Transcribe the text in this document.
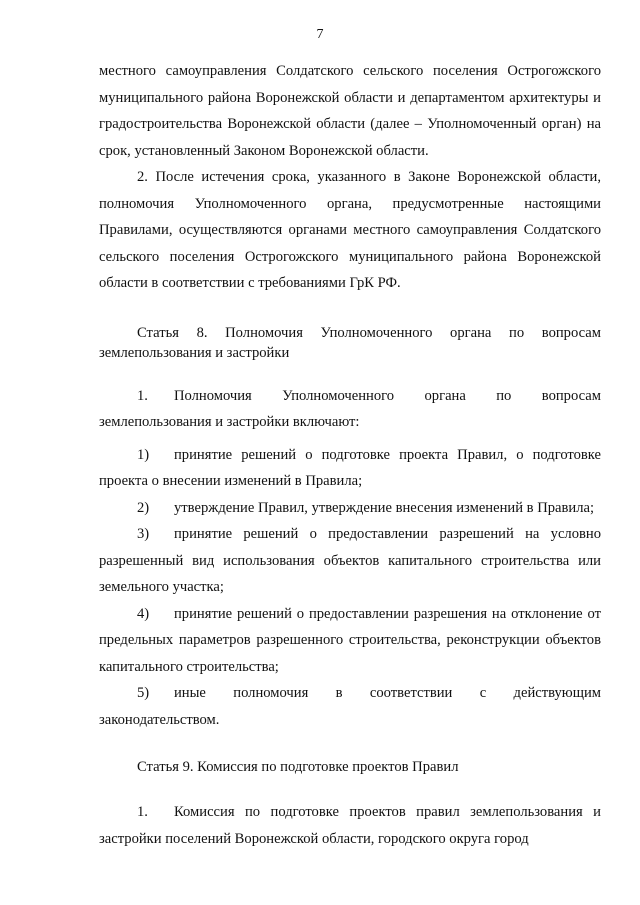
7

местного самоуправления Солдатского сельского поселения Острогожского муниципального района Воронежской области и департаментом архитектуры и градостроительства Воронежской области (далее – Уполномоченный орган) на срок, установленный Законом Воронежской области.

2. После истечения срока, указанного в Законе Воронежской области, полномочия Уполномоченного органа, предусмотренные настоящими Правилами, осуществляются органами местного самоуправления Солдатского сельского поселения Острогожского муниципального района Воронежской области в соответствии с требованиями ГрК РФ.

Статья 8. Полномочия Уполномоченного органа по вопросам землепользования и застройки

1. Полномочия Уполномоченного органа по вопросам землепользования и застройки включают:

1) принятие решений о подготовке проекта Правил, о подготовке проекта о внесении изменений в Правила;

2) утверждение Правил, утверждение внесения изменений в Правила;

3) принятие решений о предоставлении разрешений на условно разрешенный вид использования объектов капитального строительства или земельного участка;

4) принятие решений о предоставлении разрешения на отклонение от предельных параметров разрешенного строительства, реконструкции объектов капитального строительства;

5) иные полномочия в соответствии с действующим законодательством.

Статья 9. Комиссия по подготовке проектов Правил

1. Комиссия по подготовке проектов правил землепользования и застройки поселений Воронежской области, городского округа город
